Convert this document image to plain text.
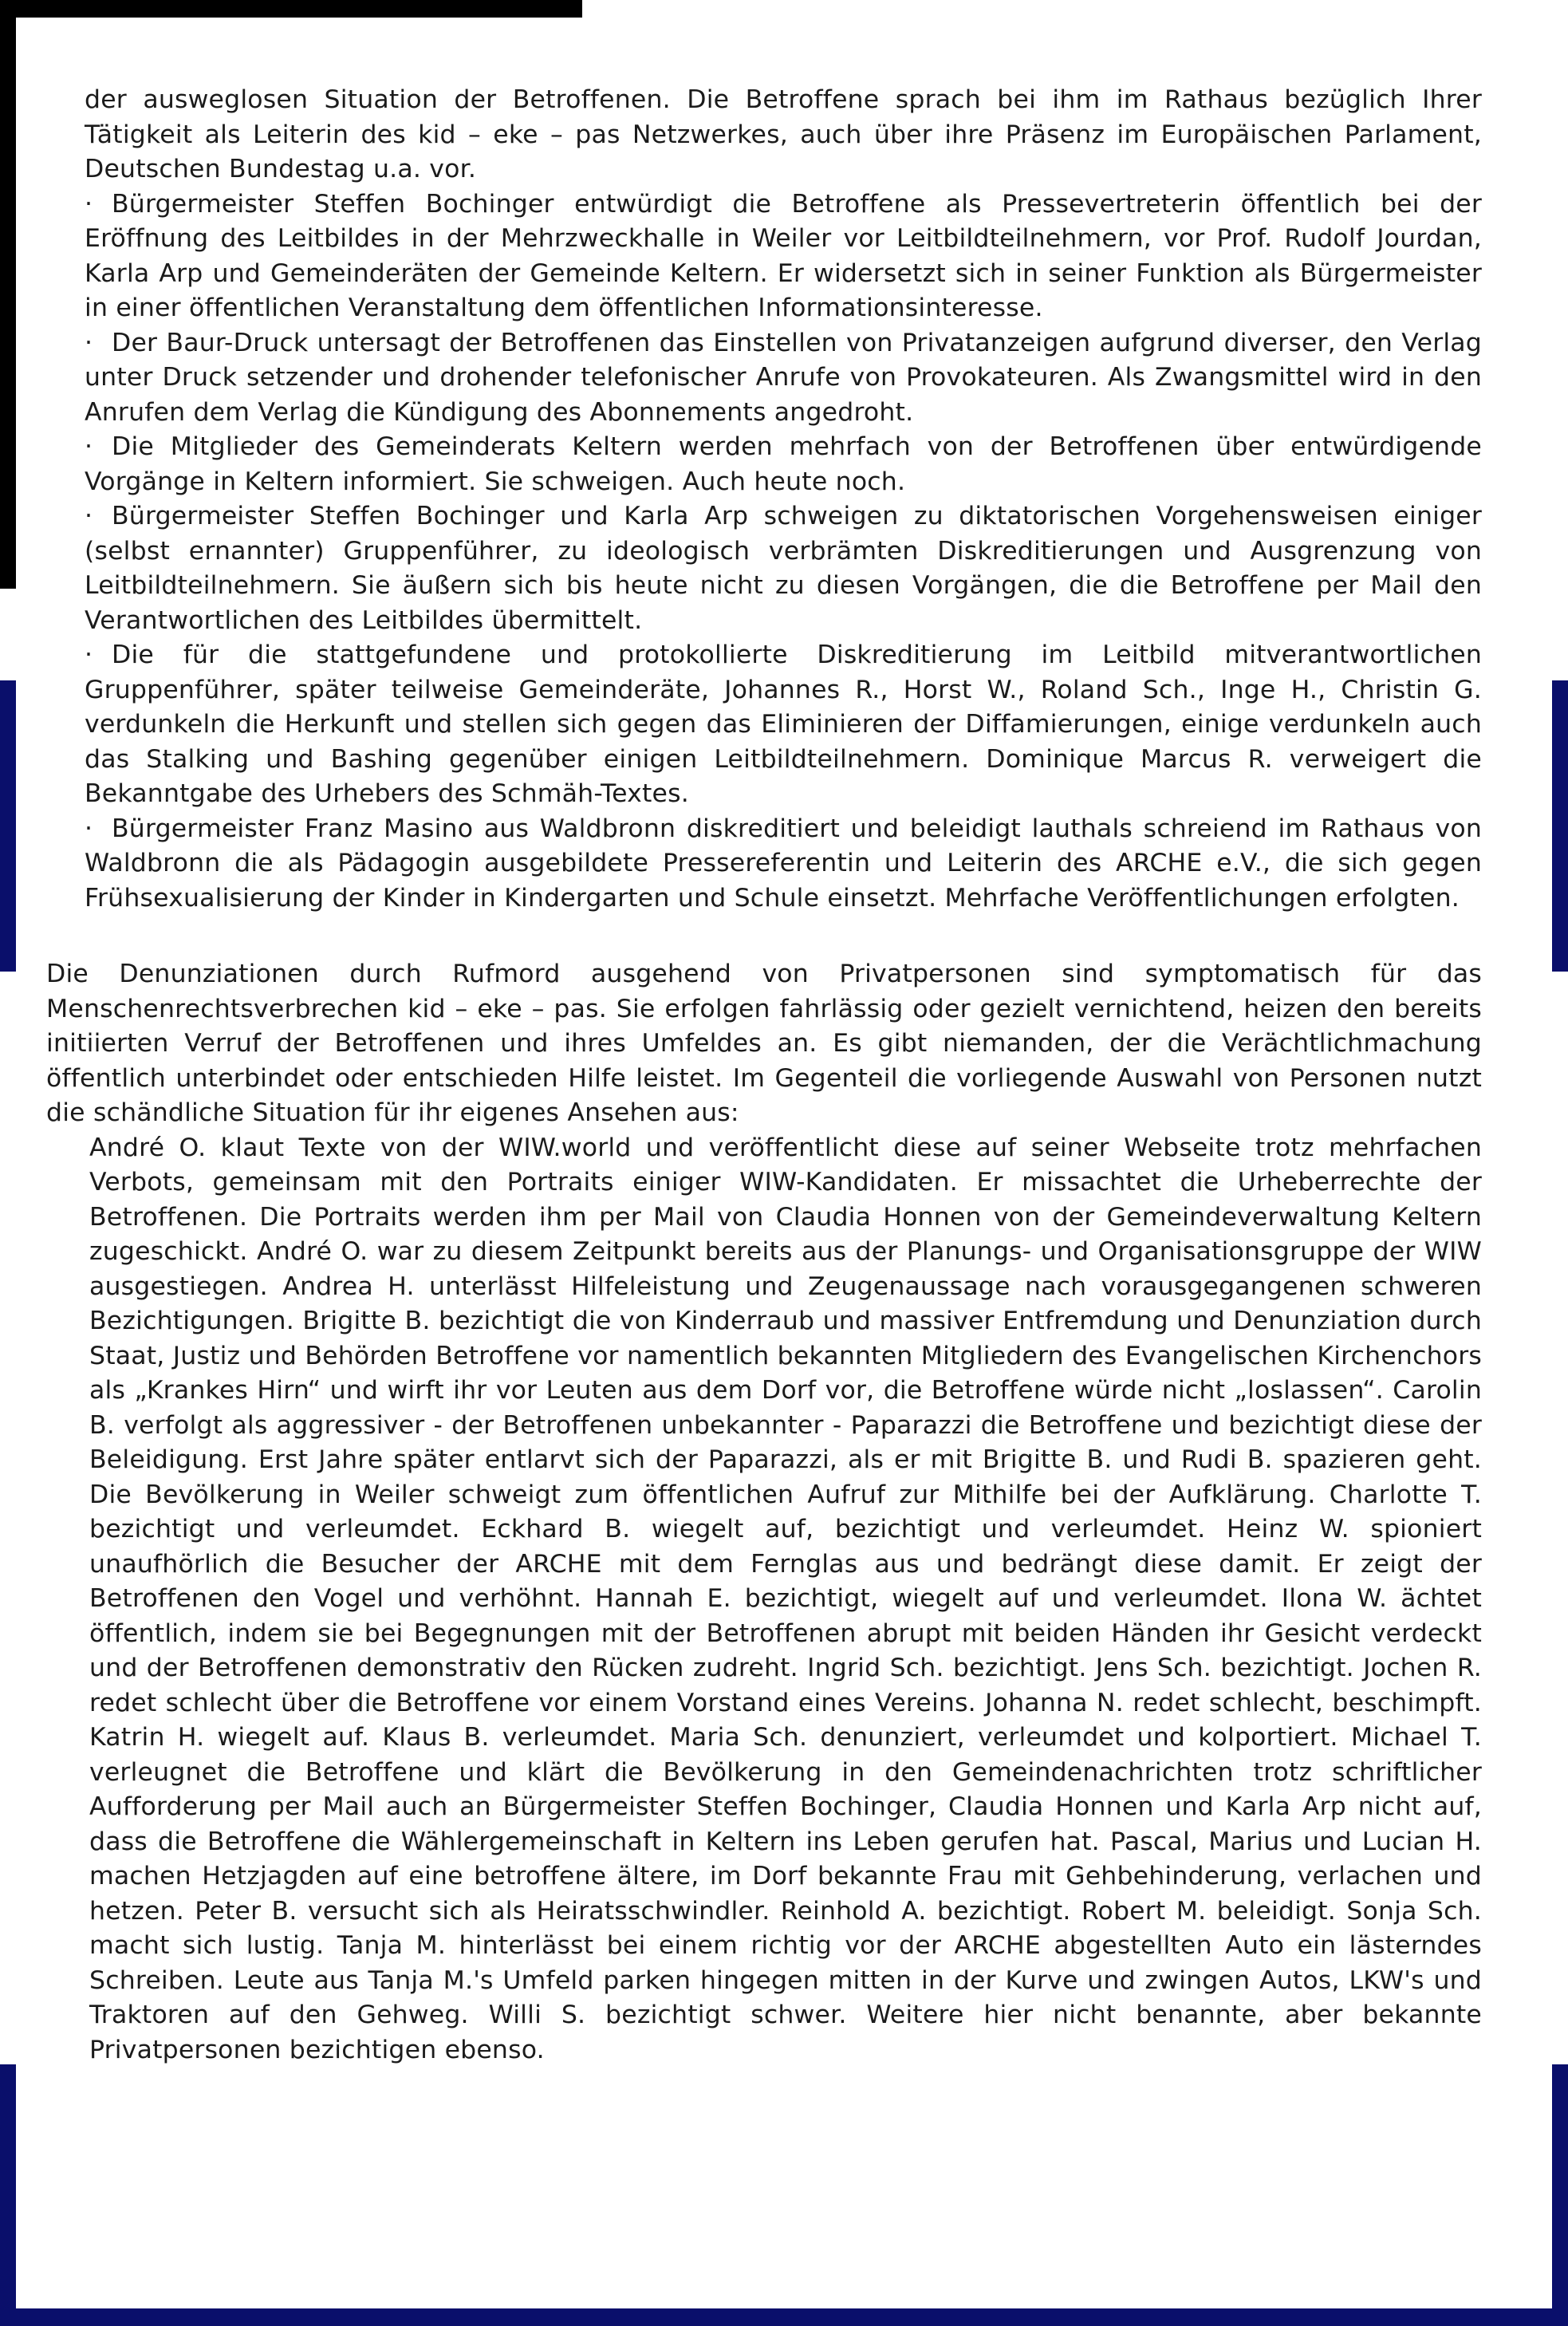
der ausweglosen Situation der Betroffenen. Die Betroffene sprach bei ihm im Rathaus bezüglich Ihrer Tätigkeit als Leiterin des kid – eke – pas Netzwerkes, auch über ihre Präsenz im Europäischen Parlament, Deutschen Bundestag u.a. vor.

· Bürgermeister Steffen Bochinger entwürdigt die Betroffene als Pressevertreterin öffentlich bei der Eröffnung des Leitbildes in der Mehrzweckhalle in Weiler vor Leitbildteilnehmern, vor Prof. Rudolf Jourdan, Karla Arp und Gemeinderäten der Gemeinde Keltern. Er widersetzt sich in seiner Funktion als Bürgermeister in einer öffentlichen Veranstaltung dem öffentlichen Informationsinteresse.

· Der Baur-Druck untersagt der Betroffenen das Einstellen von Privatanzeigen aufgrund diverser, den Verlag unter Druck setzender und drohender telefonischer Anrufe von Provokateuren. Als Zwangsmittel wird in den Anrufen dem Verlag die Kündigung des Abonnements angedroht.

· Die Mitglieder des Gemeinderats Keltern werden mehrfach von der Betroffenen über entwürdigende Vorgänge in Keltern informiert. Sie schweigen. Auch heute noch.

· Bürgermeister Steffen Bochinger und Karla Arp schweigen zu diktatorischen Vorgehensweisen einiger (selbst ernannter) Gruppenführer, zu ideologisch verbrämten Diskreditierungen und Ausgrenzung von Leitbildteilnehmern. Sie äußern sich bis heute nicht zu diesen Vorgängen, die die Betroffene per Mail den Verantwortlichen des Leitbildes übermittelt.

· Die für die stattgefundene und protokollierte Diskreditierung im Leitbild mitverantwortlichen Gruppenführer, später teilweise Gemeinderäte, Johannes R., Horst W., Roland Sch., Inge H., Christin G. verdunkeln die Herkunft und stellen sich gegen das Eliminieren der Diffamierungen, einige verdunkeln auch das Stalking und Bashing gegenüber einigen Leitbildteilnehmern. Dominique Marcus R. verweigert die Bekanntgabe des Urhebers des Schmäh-Textes.

· Bürgermeister Franz Masino aus Waldbronn diskreditiert und beleidigt lauthals schreiend im Rathaus von Waldbronn die als Pädagogin ausgebildete Pressereferentin und Leiterin des ARCHE e.V., die sich gegen Frühsexualisierung der Kinder in Kindergarten und Schule einsetzt. Mehrfache Veröffentlichungen erfolgten.

Die Denunziationen durch Rufmord ausgehend von Privatpersonen sind symptomatisch für das Menschenrechtsverbrechen kid – eke – pas. Sie erfolgen fahrlässig oder gezielt vernichtend, heizen den bereits initiierten Verruf der Betroffenen und ihres Umfeldes an. Es gibt niemanden, der die Verächtlichmachung öffentlich unterbindet oder entschieden Hilfe leistet. Im Gegenteil die vorliegende Auswahl von Personen nutzt die schändliche Situation für ihr eigenes Ansehen aus:

André O. klaut Texte von der WIW.world und veröffentlicht diese auf seiner Webseite trotz mehrfachen Verbots, gemeinsam mit den Portraits einiger WIW-Kandidaten. Er missachtet die Urheberrechte der Betroffenen. Die Portraits werden ihm per Mail von Claudia Honnen von der Gemeindeverwaltung Keltern zugeschickt. André O. war zu diesem Zeitpunkt bereits aus der Planungs- und Organisationsgruppe der WIW ausgestiegen. Andrea H. unterlässt Hilfeleistung und Zeugenaussage nach vorausgegangenen schweren Bezichtigungen. Brigitte B. bezichtigt die von Kinderraub und massiver Entfremdung und Denunziation durch Staat, Justiz und Behörden Betroffene vor namentlich bekannten Mitgliedern des Evangelischen Kirchenchors als „Krankes Hirn“ und wirft ihr vor Leuten aus dem Dorf vor, die Betroffene würde nicht „loslassen“. Carolin B. verfolgt als aggressiver - der Betroffenen unbekannter - Paparazzi die Betroffene und bezichtigt diese der Beleidigung. Erst Jahre später entlarvt sich der Paparazzi, als er mit Brigitte B. und Rudi B. spazieren geht. Die Bevölkerung in Weiler schweigt zum öffentlichen Aufruf zur Mithilfe bei der Aufklärung. Charlotte T. bezichtigt und verleumdet. Eckhard B. wiegelt auf, bezichtigt und verleumdet. Heinz W. spioniert unaufhörlich die Besucher der ARCHE mit dem Fernglas aus und bedrängt diese damit. Er zeigt der Betroffenen den Vogel und verhöhnt. Hannah E. bezichtigt, wiegelt auf und verleumdet. Ilona W. ächtet öffentlich, indem sie bei Begegnungen mit der Betroffenen abrupt mit beiden Händen ihr Gesicht verdeckt und der Betroffenen demonstrativ den Rücken zudreht. Ingrid Sch. bezichtigt. Jens Sch. bezichtigt. Jochen R. redet schlecht über die Betroffene vor einem Vorstand eines Vereins. Johanna N. redet schlecht, beschimpft. Katrin H. wiegelt auf. Klaus B. verleumdet. Maria Sch. denunziert, verleumdet und kolportiert. Michael T. verleugnet die Betroffene und klärt die Bevölkerung in den Gemeindenachrichten trotz schriftlicher Aufforderung per Mail auch an Bürgermeister Steffen Bochinger, Claudia Honnen und Karla Arp nicht auf, dass die Betroffene die Wählergemeinschaft in Keltern ins Leben gerufen hat. Pascal, Marius und Lucian H. machen Hetzjagden auf eine betroffene ältere, im Dorf bekannte Frau mit Gehbehinderung, verlachen und hetzen. Peter B. versucht sich als Heiratsschwindler. Reinhold A. bezichtigt. Robert M. beleidigt. Sonja Sch. macht sich lustig. Tanja M. hinterlässt bei einem richtig vor der ARCHE abgestellten Auto ein lästerndes Schreiben. Leute aus Tanja M.'s Umfeld parken hingegen mitten in der Kurve und zwingen Autos, LKW's und Traktoren auf den Gehweg. Willi S. bezichtigt schwer. Weitere hier nicht benannte, aber bekannte Privatpersonen bezichtigen ebenso.
